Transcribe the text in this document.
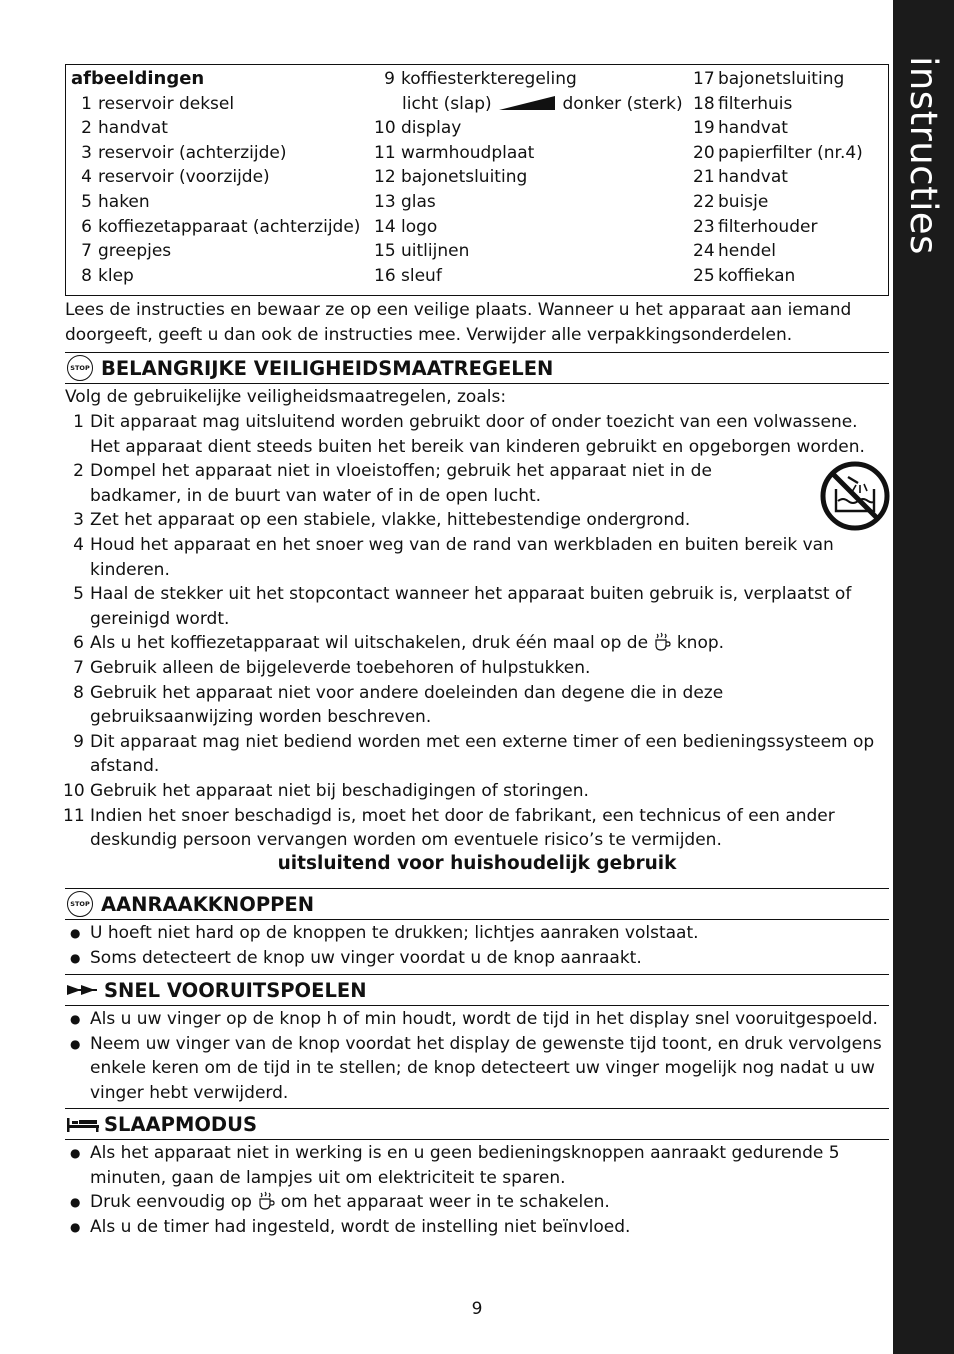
instructies
afbeeldingen
1 reservoir deksel
2 handvat
3 reservoir (achterzijde)
4 reservoir (voorzijde)
5 haken
6 koffiezetapparaat (achterzijde)
7 greepjes
8 klep
9 koffiesterkteregeling
licht (slap)	donker (sterk)
10 display
11 warmhoudplaat
12 bajonetsluiting
13 glas
14 logo
15 uitlijnen
16 sleuf
17 bajonetsluiting
18 filterhuis
19 handvat
20 papierfilter (nr.4)
21 handvat
22 buisje
23 filterhouder
24 hendel
25 koffiekan

Lees de instructies en bewaar ze op een veilige plaats. Wanneer u het apparaat aan iemand doorgeeft, geeft u dan ook de instructies mee. Verwijder alle verpakkingsonderdelen.

STOP BELANGRIJKE VEILIGHEIDSMAATREGELEN
Volg de gebruikelijke veiligheidsmaatregelen, zoals:
1 Dit apparaat mag uitsluitend worden gebruikt door of onder toezicht van een volwassene. Het apparaat dient steeds buiten het bereik van kinderen gebruikt en opgeborgen worden.
2 Dompel het apparaat niet in vloeistoffen; gebruik het apparaat niet in de badkamer, in de buurt van water of in de open lucht.
3 Zet het apparaat op een stabiele, vlakke, hittebestendige ondergrond.
4 Houd het apparaat en het snoer weg van de rand van werkbladen en buiten bereik van kinderen.
5 Haal de stekker uit het stopcontact wanneer het apparaat buiten gebruik is, verplaatst of gereinigd wordt.
6 Als u het koffiezetapparaat wil uitschakelen, druk één maal op de  knop.
7 Gebruik alleen de bijgeleverde toebehoren of hulpstukken.
8 Gebruik het apparaat niet voor andere doeleinden dan degene die in deze gebruiksaanwijzing worden beschreven.
9 Dit apparaat mag niet bediend worden met een externe timer of een bedieningssysteem op afstand.
10 Gebruik het apparaat niet bij beschadigingen of storingen.
11 Indien het snoer beschadigd is, moet het door de fabrikant, een technicus of een ander deskundig persoon vervangen worden om eventuele risico’s te vermijden.
uitsluitend voor huishoudelijk gebruik
STOP AANRAAKKNOPPEN
● U hoeft niet hard op de knoppen te drukken; lichtjes aanraken volstaat.
● Soms detecteert de knop uw vinger voordat u de knop aanraakt.
SNEL VOORUITSPOELEN
● Als u uw vinger op de knop h of min houdt, wordt de tijd in het display snel vooruitgespoeld.
● Neem uw vinger van de knop voordat het display de gewenste tijd toont, en druk vervolgens enkele keren om de tijd in te stellen; de knop detecteert uw vinger mogelijk nog nadat u uw vinger hebt verwijderd.
SLAAPMODUS
● Als het apparaat niet in werking is en u geen bedieningsknoppen aanraakt gedurende 5 minuten, gaan de lampjes uit om elektriciteit te sparen.
● Druk eenvoudig op om het apparaat weer in te schakelen.
● Als u de timer had ingesteld, wordt de instelling niet beïnvloed.
9
